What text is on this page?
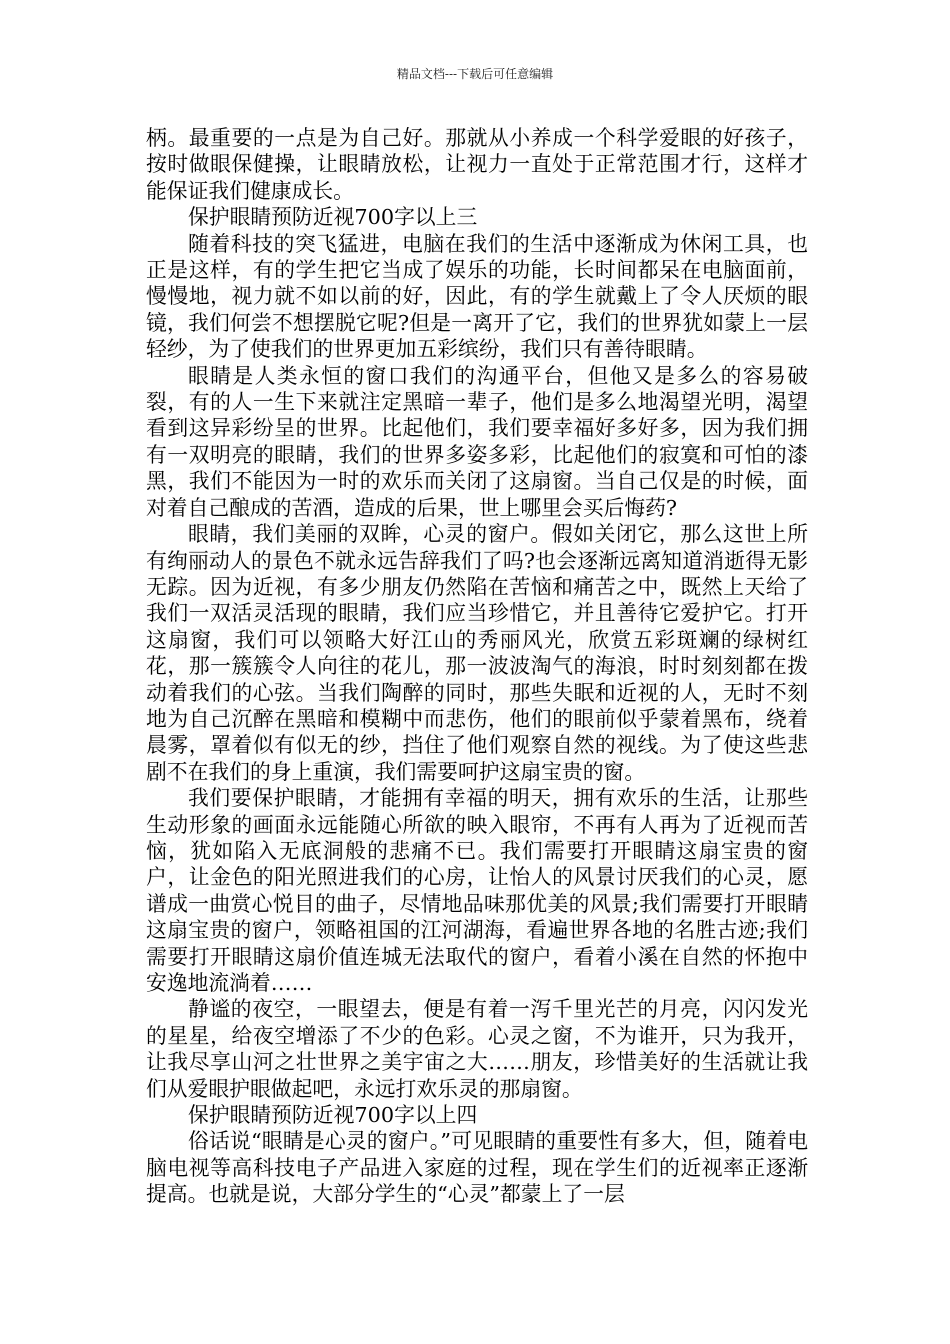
精品文档---下载后可任意编辑

柄。最重要的一点是为自己好。那就从小养成一个科学爱眼的好孩子，按时做眼保健操，让眼睛放松，让视力一直处于正常范围才行，这样才能保证我们健康成长。

保护眼睛预防近视700字以上三

随着科技的突飞猛进，电脑在我们的生活中逐渐成为休闲工具，也正是这样，有的学生把它当成了娱乐的功能，长时间都呆在电脑面前，慢慢地，视力就不如以前的好，因此，有的学生就戴上了令人厌烦的眼镜，我们何尝不想摆脱它呢?但是一离开了它，我们的世界犹如蒙上一层轻纱，为了使我们的世界更加五彩缤纷，我们只有善待眼睛。

眼睛是人类永恒的窗口我们的沟通平台，但他又是多么的容易破裂，有的人一生下来就注定黑暗一辈子，他们是多么地渴望光明，渴望看到这异彩纷呈的世界。比起他们，我们要幸福好多好多，因为我们拥有一双明亮的眼睛，我们的世界多姿多彩，比起他们的寂寞和可怕的漆黑，我们不能因为一时的欢乐而关闭了这扇窗。当自己仅是的时候，面对着自己酿成的苦酒，造成的后果，世上哪里会买后悔药?

眼睛，我们美丽的双眸，心灵的窗户。假如关闭它，那么这世上所有绚丽动人的景色不就永远告辞我们了吗?也会逐渐远离知道消逝得无影无踪。因为近视，有多少朋友仍然陷在苦恼和痛苦之中，既然上天给了我们一双活灵活现的眼睛，我们应当珍惜它，并且善待它爱护它。打开这扇窗，我们可以领略大好江山的秀丽风光，欣赏五彩斑斓的绿树红花，那一簇簇令人向往的花儿，那一波波淘气的海浪，时时刻刻都在拨动着我们的心弦。当我们陶醉的同时，那些失眠和近视的人，无时不刻地为自己沉醉在黑暗和模糊中而悲伤，他们的眼前似乎蒙着黑布，绕着晨雾，罩着似有似无的纱，挡住了他们观察自然的视线。为了使这些悲剧不在我们的身上重演，我们需要呵护这扇宝贵的窗。

我们要保护眼睛，才能拥有幸福的明天，拥有欢乐的生活，让那些生动形象的画面永远能随心所欲的映入眼帘，不再有人再为了近视而苦恼，犹如陷入无底洞般的悲痛不已。我们需要打开眼睛这扇宝贵的窗户，让金色的阳光照进我们的心房，让怡人的风景讨厌我们的心灵，愿谱成一曲赏心悦目的曲子，尽情地品味那优美的风景;我们需要打开眼睛这扇宝贵的窗户，领略祖国的江河湖海，看遍世界各地的名胜古迹;我们需要打开眼睛这扇价值连城无法取代的窗户，看着小溪在自然的怀抱中安逸地流淌着……

静谧的夜空，一眼望去，便是有着一泻千里光芒的月亮，闪闪发光的星星，给夜空增添了不少的色彩。心灵之窗，不为谁开，只为我开，让我尽享山河之壮世界之美宇宙之大……朋友，珍惜美好的生活就让我们从爱眼护眼做起吧，永远打欢乐灵的那扇窗。

保护眼睛预防近视700字以上四

俗话说“眼睛是心灵的窗户。”可见眼睛的重要性有多大，但，随着电脑电视等高科技电子产品进入家庭的过程，现在学生们的近视率正逐渐提高。也就是说，大部分学生的“心灵”都蒙上了一层
